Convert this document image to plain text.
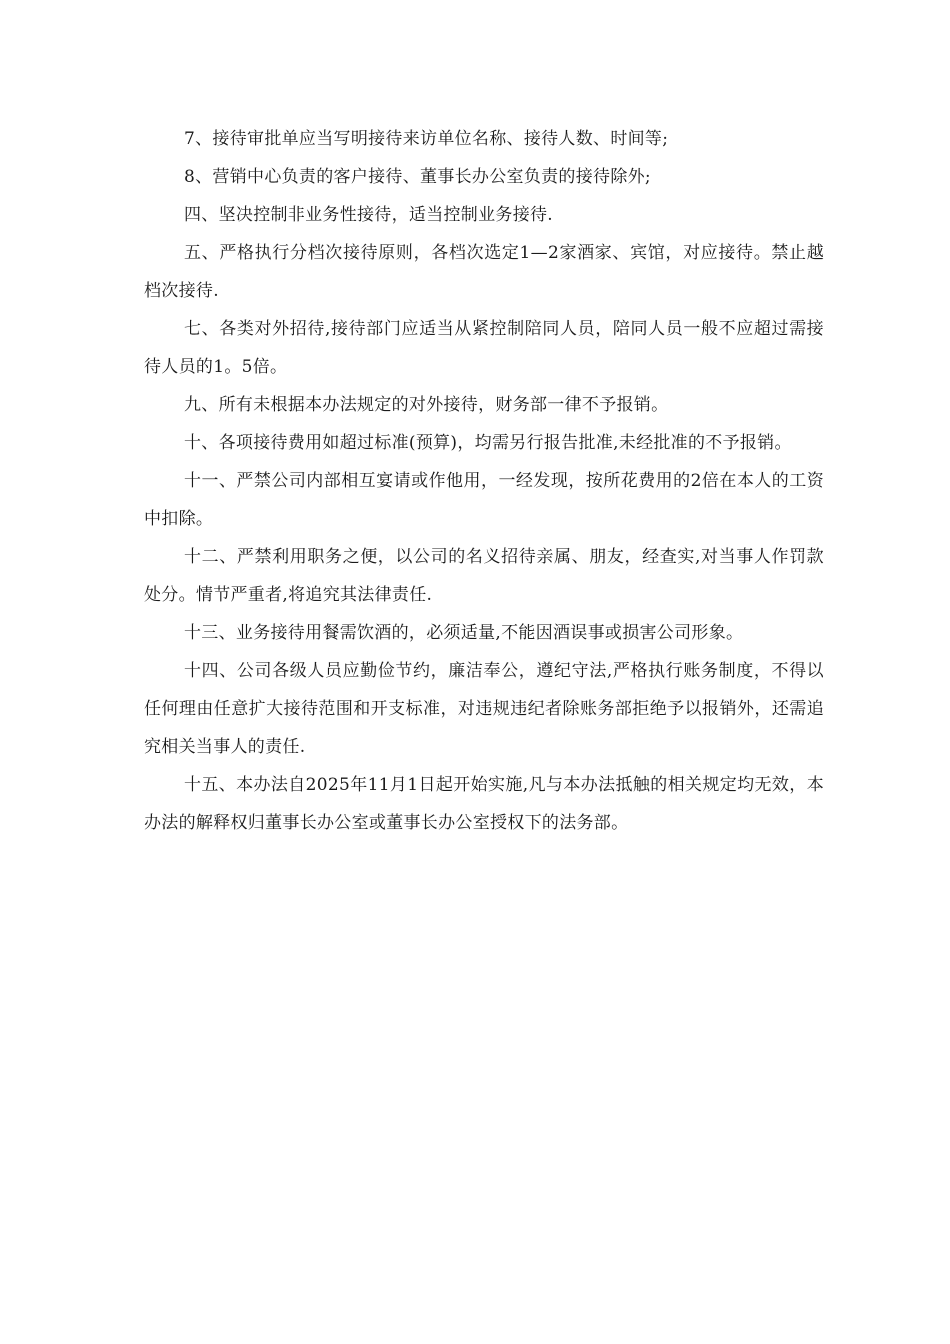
7、接待审批单应当写明接待来访单位名称、接待人数、时间等;

8、营销中心负责的客户接待、董事长办公室负责的接待除外;

四、坚决控制非业务性接待，适当控制业务接待.

五、严格执行分档次接待原则，各档次选定1—2家酒家、宾馆，对应接待。禁止越档次接待.

七、各类对外招待,接待部门应适当从紧控制陪同人员，陪同人员一般不应超过需接待人员的1。5倍。

九、所有未根据本办法规定的对外接待，财务部一律不予报销。

十、各项接待费用如超过标准(预算)，均需另行报告批准,未经批准的不予报销。

十一、严禁公司内部相互宴请或作他用，一经发现，按所花费用的2倍在本人的工资中扣除。

十二、严禁利用职务之便，以公司的名义招待亲属、朋友，经查实,对当事人作罚款处分。情节严重者,将追究其法律责任.

十三、业务接待用餐需饮酒的，必须适量,不能因酒误事或损害公司形象。

十四、公司各级人员应勤俭节约，廉洁奉公，遵纪守法,严格执行账务制度，不得以任何理由任意扩大接待范围和开支标准，对违规违纪者除账务部拒绝予以报销外，还需追究相关当事人的责任.

十五、本办法自2025年11月1日起开始实施,凡与本办法抵触的相关规定均无效，本办法的解释权归董事长办公室或董事长办公室授权下的法务部。
